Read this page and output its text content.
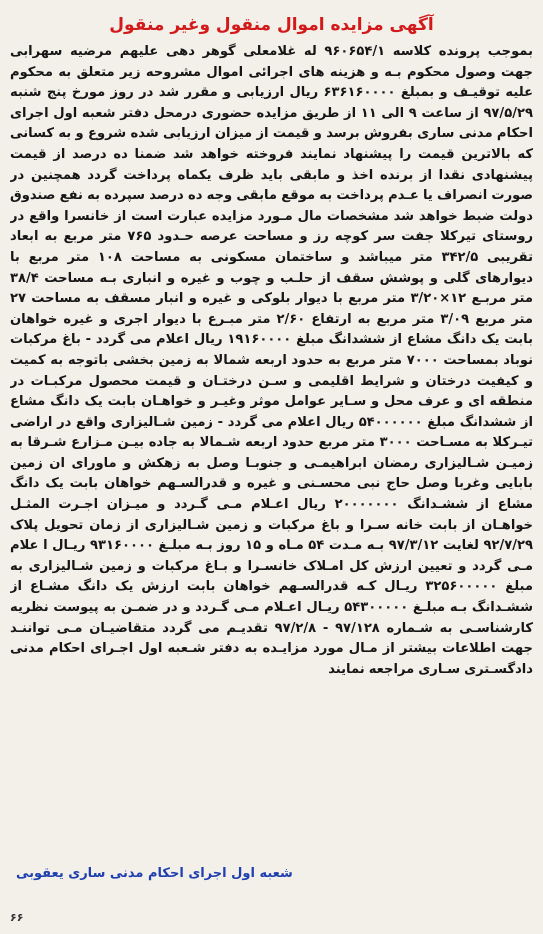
آگهی مزایده اموال منقول وغیر منقول
بموجب پرونده کلاسه ۹۶۰۶۵۴/۱ له غلامعلی گوهر دهی علیهم مرضیه سهرابی جهت وصول محکوم بـه و هزینه های اجرائی اموال مشروحه زیر متعلق به محکوم علیه توقیـف و بمبلغ ۶۳۶۱۶۰۰۰۰ ریال ارزیابی و مقرر شد در روز مورخ پنج شنبه ۹۷/۵/۲۹ از ساعت ۹ الی ۱۱ از طریق مزایده حضوری درمحل دفتر شعبه اول اجرای احکام مدنی ساری بفروش برسد و قیمت از میزان ارزیابی شده شروع و به کسانی که بالاترین قیمت را پیشنهاد نمایند فروخته خواهد شد ضمنا ده درصد از قیمت پیشنهادی نقدا از برنده اخذ و مابقی باید ظرف یکماه پرداخت گردد همچنین در صورت انصراف یا عـدم پرداخت به موقع مابقی وجه ده درصد سپرده به نفع صندوق دولت ضبط خواهد شد مشخصات مال مـورد مزایده عبارت است از خانسرا واقع در روستای تیرکلا جفت سر کوچه رز و مساحت عرصه حـدود ۷۶۵ متر مربع به ابعاد تقریبی ۳۴۲/۵ متر میباشد و ساختمان مسکونی به مساحت ۱۰۸ متر مربع با دیوارهای گلی و پوشش سقف از حلـب و چوب و غیره و انباری بـه مساحت ۳۸/۴ متر مربـع ۱۲×۳/۲۰ متر مربع با دیوار بلوکی و غیره و انبار مسقف به مساحت ۲۷ متر مربع ۳/۰۹ متر مربع به ارتفاع ۲/۶۰ متر مبـرع با دیوار اجری و غیره خواهان بابت یک دانگ مشاع از ششدانگ مبلغ ۱۹۱۶۰۰۰۰ ریال اعلام می گردد - باغ مرکبات نوباد بمساحت ۷۰۰۰ متر مربع به حدود اربعه شمالا به زمین بخشی باتوجه به کمیت و کیفیت درختان و شرایط اقلیمی و سـن درختـان و قیمت محصول مرکبـات در منطقه ای و عرف محل و سـایر عوامل موثر وغیـر و خواهـان بابت یک دانگ مشاع از ششدانگ مبلغ ۵۴۰۰۰۰۰۰ ریال اعلام می گردد - زمین شـالیزاری واقع در اراضی تیـرکلا به مسـاحت ۳۰۰۰ متر مربع حدود اربعه شـمالا به جاده بیـن مـزارع شـرقا به زمیـن شـالیزاری رمضان ابراهیمـی و جنوبـا وصل به زهکش و ماورای ان زمین بابایی وغربا وصل حاج نبی محسـنی و غیره و قدرالسـهم خواهان بابت یک دانگ مشاع از ششـدانگ ۲۰۰۰۰۰۰۰ ریال اعـلام مـی گـردد و میـزان اجـرت المثـل خواهـان از بابت خانه سـرا و باغ مرکبات و زمین شـالیزاری از زمان تحویل پلاک ۹۲/۷/۲۹ لغایت ۹۷/۳/۱۲ بـه مـدت ۵۴ مـاه و ۱۵ روز بـه مبلـغ ۹۳۱۶۰۰۰۰ ریـال ا علام مـی گردد و تعیین ارزش کل امـلاک خانسـرا و بـاغ مرکبات و زمین شـالیزاری به مبلغ ۳۲۵۶۰۰۰۰۰ ریـال کـه قدرالسـهم خواهان بابت ارزش یک دانگ مشـاع از ششـدانگ بـه مبلـغ ۵۴۳۰۰۰۰۰ ریـال اعـلام مـی گـردد و در ضمـن به پیوست نظریه کارشناسـی به شـماره ۹۷/۱۲۸ - ۹۷/۲/۸ تقدیـم می گردد متقاضیـان مـی تواننـد جهت اطلاعات بیشتر از مـال مورد مزایـده به دفتر شـعبه اول اجـرای احکام مدنی دادگسـتری سـاری مراجعه نمایند
شعبه اول اجرای احکام مدنی ساری یعقوبی
۶۶
